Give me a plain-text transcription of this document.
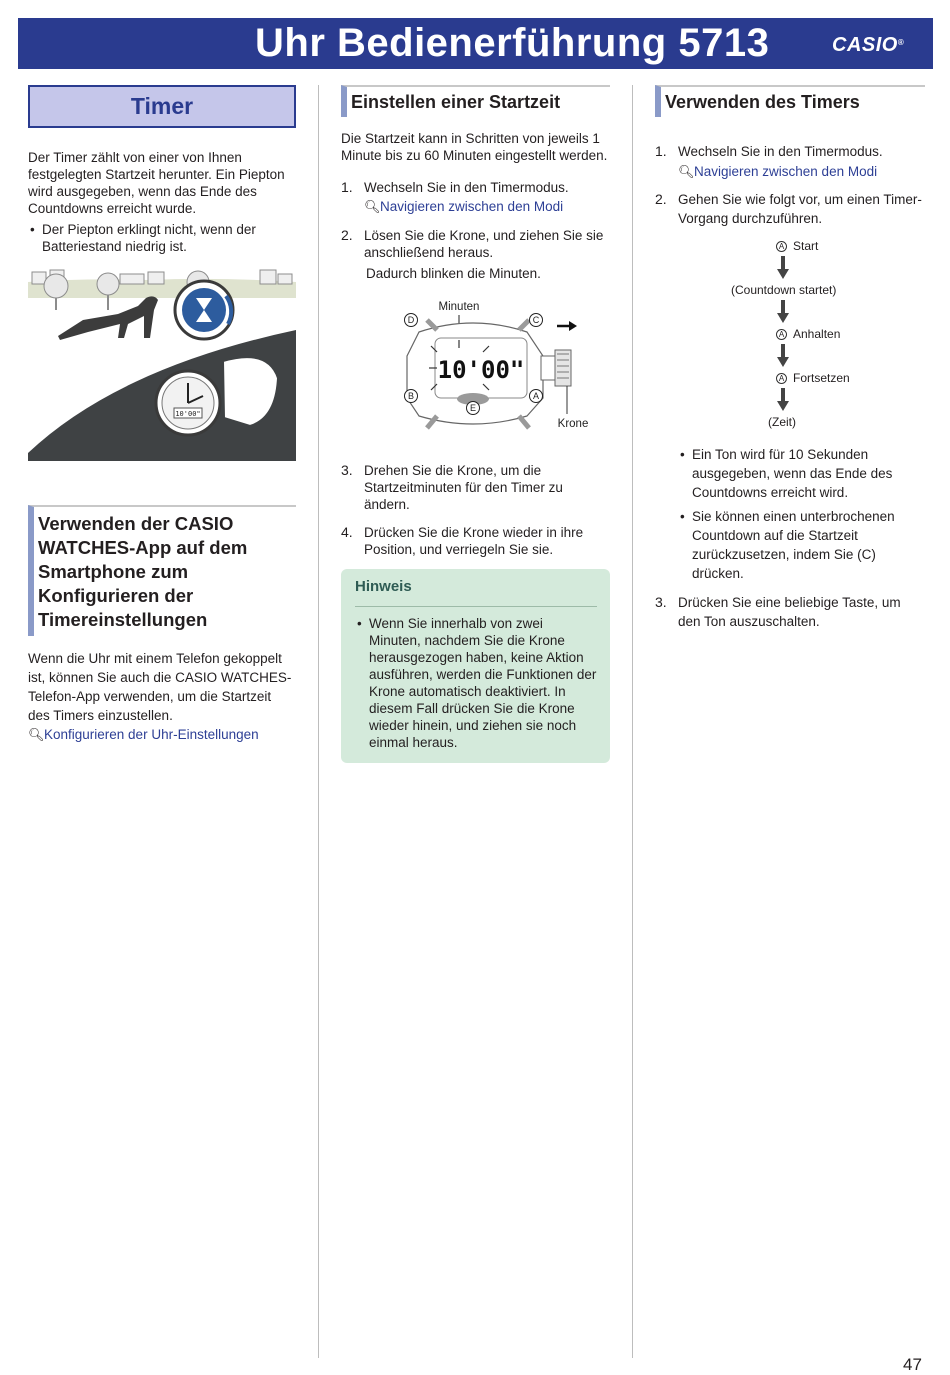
Uhr Bedienerführung 5713	CASIO®
Timer

Der Timer zählt von einer von Ihnen festgelegten Startzeit herunter. Ein Piepton wird ausgegeben, wenn das Ende des Countdowns erreicht wurde.

• Der Piepton erklingt nicht, wenn der Batteriestand niedrig ist.
10'00"
Verwenden der CASIO WATCHES-App auf dem Smartphone zum Konfigurieren der Timereinstellungen

Wenn die Uhr mit einem Telefon gekoppelt ist, können Sie auch die CASIO WATCHES-Telefon-App verwenden, um die Startzeit des Timers einzustellen.

🔍︎Konfigurieren der Uhr-Einstellungen
Einstellen einer Startzeit

Die Startzeit kann in Schritten von jeweils 1 Minute bis zu 60 Minuten eingestellt werden.

1. Wechseln Sie in den Timermodus.
🔍︎Navigieren zwischen den Modi
2. Lösen Sie die Krone, und ziehen Sie sie anschließend heraus.
Dadurch blinken die Minuten.
Minuten
10'00"
Krone
D	C
B
E
A
3. Drehen Sie die Krone, um die Startzeitminuten für den Timer zu ändern.
4. Drücken Sie die Krone wieder in ihre Position, und verriegeln Sie sie.
Hinweis
• Wenn Sie innerhalb von zwei Minuten, nachdem Sie die Krone herausgezogen haben, keine Aktion ausführen, werden die Funktionen der Krone automatisch deaktiviert. In diesem Fall drücken Sie die Krone wieder hinein, und ziehen sie noch einmal heraus.
Verwenden des Timers
1. Wechseln Sie in den Timermodus.
🔍︎Navigieren zwischen den Modi
2. Gehen Sie wie folgt vor, um einen Timer-Vorgang durchzuführen.
A Start
(Countdown startet)
A Anhalten
A Fortsetzen
(Zeit)
• Ein Ton wird für 10 Sekunden ausgegeben, wenn das Ende des Countdowns erreicht wird.
• Sie können einen unterbrochenen Countdown auf die Startzeit zurückzusetzen, indem Sie (C) drücken.
3. Drücken Sie eine beliebige Taste, um den Ton auszuschalten.
47
